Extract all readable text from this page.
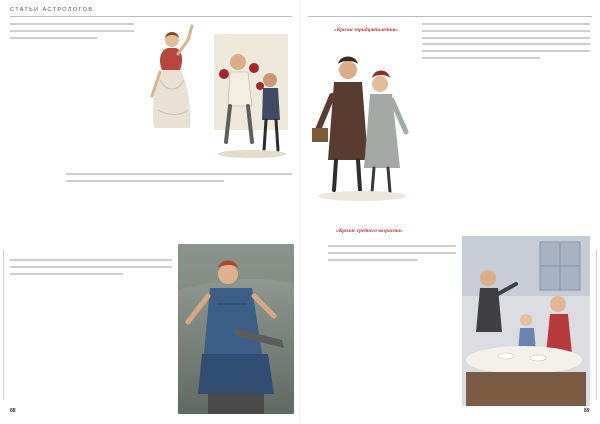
СТАТЬИ АСТРОЛОГОВ

88
«Кризис тридцатилетия»

«Кризис среднего возраста»

89
